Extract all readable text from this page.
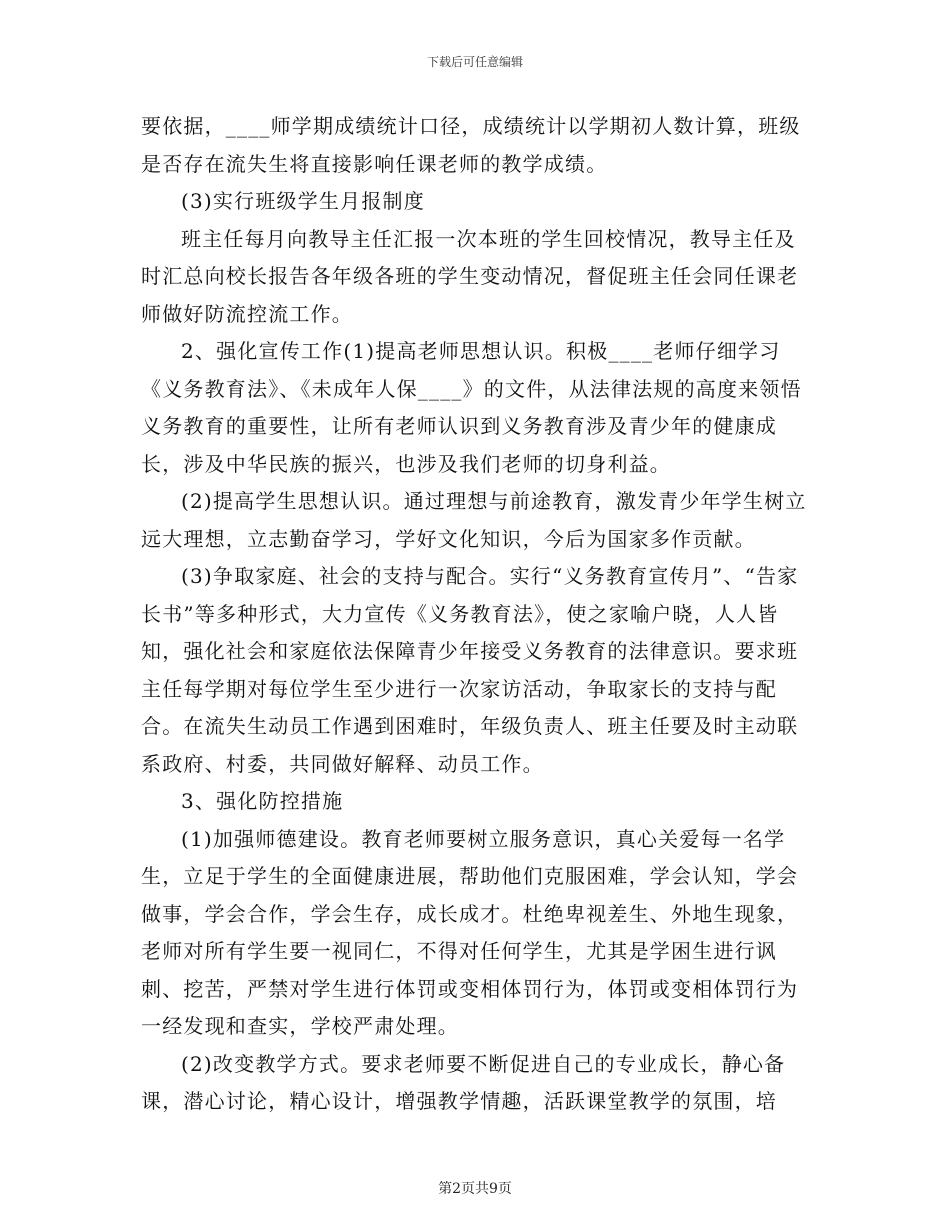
下载后可任意编辑

要依据，____师学期成绩统计口径，成绩统计以学期初人数计算，班级是否存在流失生将直接影响任课老师的教学成绩。

(3)实行班级学生月报制度

班主任每月向教导主任汇报一次本班的学生回校情况，教导主任及时汇总向校长报告各年级各班的学生变动情况，督促班主任会同任课老师做好防流控流工作。

2、强化宣传工作(1)提高老师思想认识。积极____老师仔细学习《义务教育法》、《未成年人保____》的文件，从法律法规的高度来领悟义务教育的重要性，让所有老师认识到义务教育涉及青少年的健康成长，涉及中华民族的振兴，也涉及我们老师的切身利益。

(2)提高学生思想认识。通过理想与前途教育，激发青少年学生树立远大理想，立志勤奋学习，学好文化知识，今后为国家多作贡献。

(3)争取家庭、社会的支持与配合。实行“义务教育宣传月”、“告家长书”等多种形式，大力宣传《义务教育法》，使之家喻户晓，人人皆知，强化社会和家庭依法保障青少年接受义务教育的法律意识。要求班主任每学期对每位学生至少进行一次家访活动，争取家长的支持与配合。在流失生动员工作遇到困难时，年级负责人、班主任要及时主动联系政府、村委，共同做好解释、动员工作。

3、强化防控措施

(1)加强师德建设。教育老师要树立服务意识，真心关爱每一名学生，立足于学生的全面健康进展，帮助他们克服困难，学会认知，学会做事，学会合作，学会生存，成长成才。杜绝卑视差生、外地生现象，老师对所有学生要一视同仁，不得对任何学生，尤其是学困生进行讽刺、挖苦，严禁对学生进行体罚或变相体罚行为，体罚或变相体罚行为一经发现和查实，学校严肃处理。

(2)改变教学方式。要求老师要不断促进自己的专业成长，静心备课，潜心讨论，精心设计，增强教学情趣，活跃课堂教学的氛围，培

第2页共9页
